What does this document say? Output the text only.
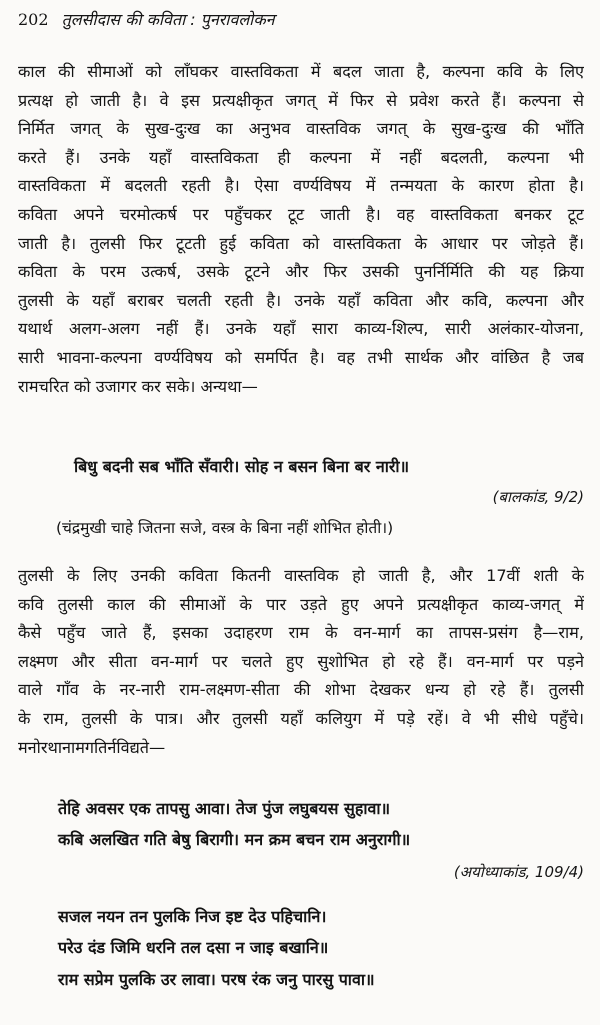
202 तुलसीदास की कविता : पुनरावलोकन
काल की सीमाओं को लाँघकर वास्तविकता में बदल जाता है, कल्पना कवि के लिए
प्रत्यक्ष हो जाती है। वे इस प्रत्यक्षीकृत जगत् में फिर से प्रवेश करते हैं। कल्पना से
निर्मित जगत् के सुख-दुःख का अनुभव वास्तविक जगत् के सुख-दुःख की भाँति
करते हैं। उनके यहाँ वास्तविकता ही कल्पना में नहीं बदलती, कल्पना भी
वास्तविकता में बदलती रहती है। ऐसा वर्ण्यविषय में तन्मयता के कारण होता है।
कविता अपने चरमोत्कर्ष पर पहुँचकर टूट जाती है। वह वास्तविकता बनकर टूट
जाती है। तुलसी फिर टूटती हुई कविता को वास्तविकता के आधार पर जोड़ते हैं।
कविता के परम उत्कर्ष, उसके टूटने और फिर उसकी पुनर्निर्मिति की यह क्रिया
तुलसी के यहाँ बराबर चलती रहती है। उनके यहाँ कविता और कवि, कल्पना और
यथार्थ अलग-अलग नहीं हैं। उनके यहाँ सारा काव्य-शिल्प, सारी अलंकार-योजना,
सारी भावना-कल्पना वर्ण्यविषय को समर्पित है। वह तभी सार्थक और वांछित है जब
रामचरित को उजागर कर सके। अन्यथा—
बिधु बदनी सब भाँति सँवारी। सोह न बसन बिना बर नारी॥
(बालकांड, 9/2)
(चंद्रमुखी चाहे जितना सजे, वस्त्र के बिना नहीं शोभित होती।)
तुलसी के लिए उनकी कविता कितनी वास्तविक हो जाती है, और 17वीं शती के
कवि तुलसी काल की सीमाओं के पार उड़ते हुए अपने प्रत्यक्षीकृत काव्य-जगत् में
कैसे पहुँच जाते हैं, इसका उदाहरण राम के वन-मार्ग का तापस-प्रसंग है—राम,
लक्ष्मण और सीता वन-मार्ग पर चलते हुए सुशोभित हो रहे हैं। वन-मार्ग पर पड़ने
वाले गाँव के नर-नारी राम-लक्ष्मण-सीता की शोभा देखकर धन्य हो रहे हैं। तुलसी
के राम, तुलसी के पात्र। और तुलसी यहाँ कलियुग में पड़े रहें। वे भी सीधे पहुँचे।
मनोरथानामगतिर्नविद्यते—
तेहि अवसर एक तापसु आवा। तेज पुंज लघुबयस सुहावा॥
कबि अलखित गति बेषु बिरागी। मन क्रम बचन राम अनुरागी॥
(अयोध्याकांड, 109/4)
सजल नयन तन पुलकि निज इष्ट देउ पहिचानि।
परेउ दंड जिमि धरनि तल दसा न जाइ बखानि॥
राम सप्रेम पुलकि उर लावा। परष रंक जनु पारसु पावा॥
